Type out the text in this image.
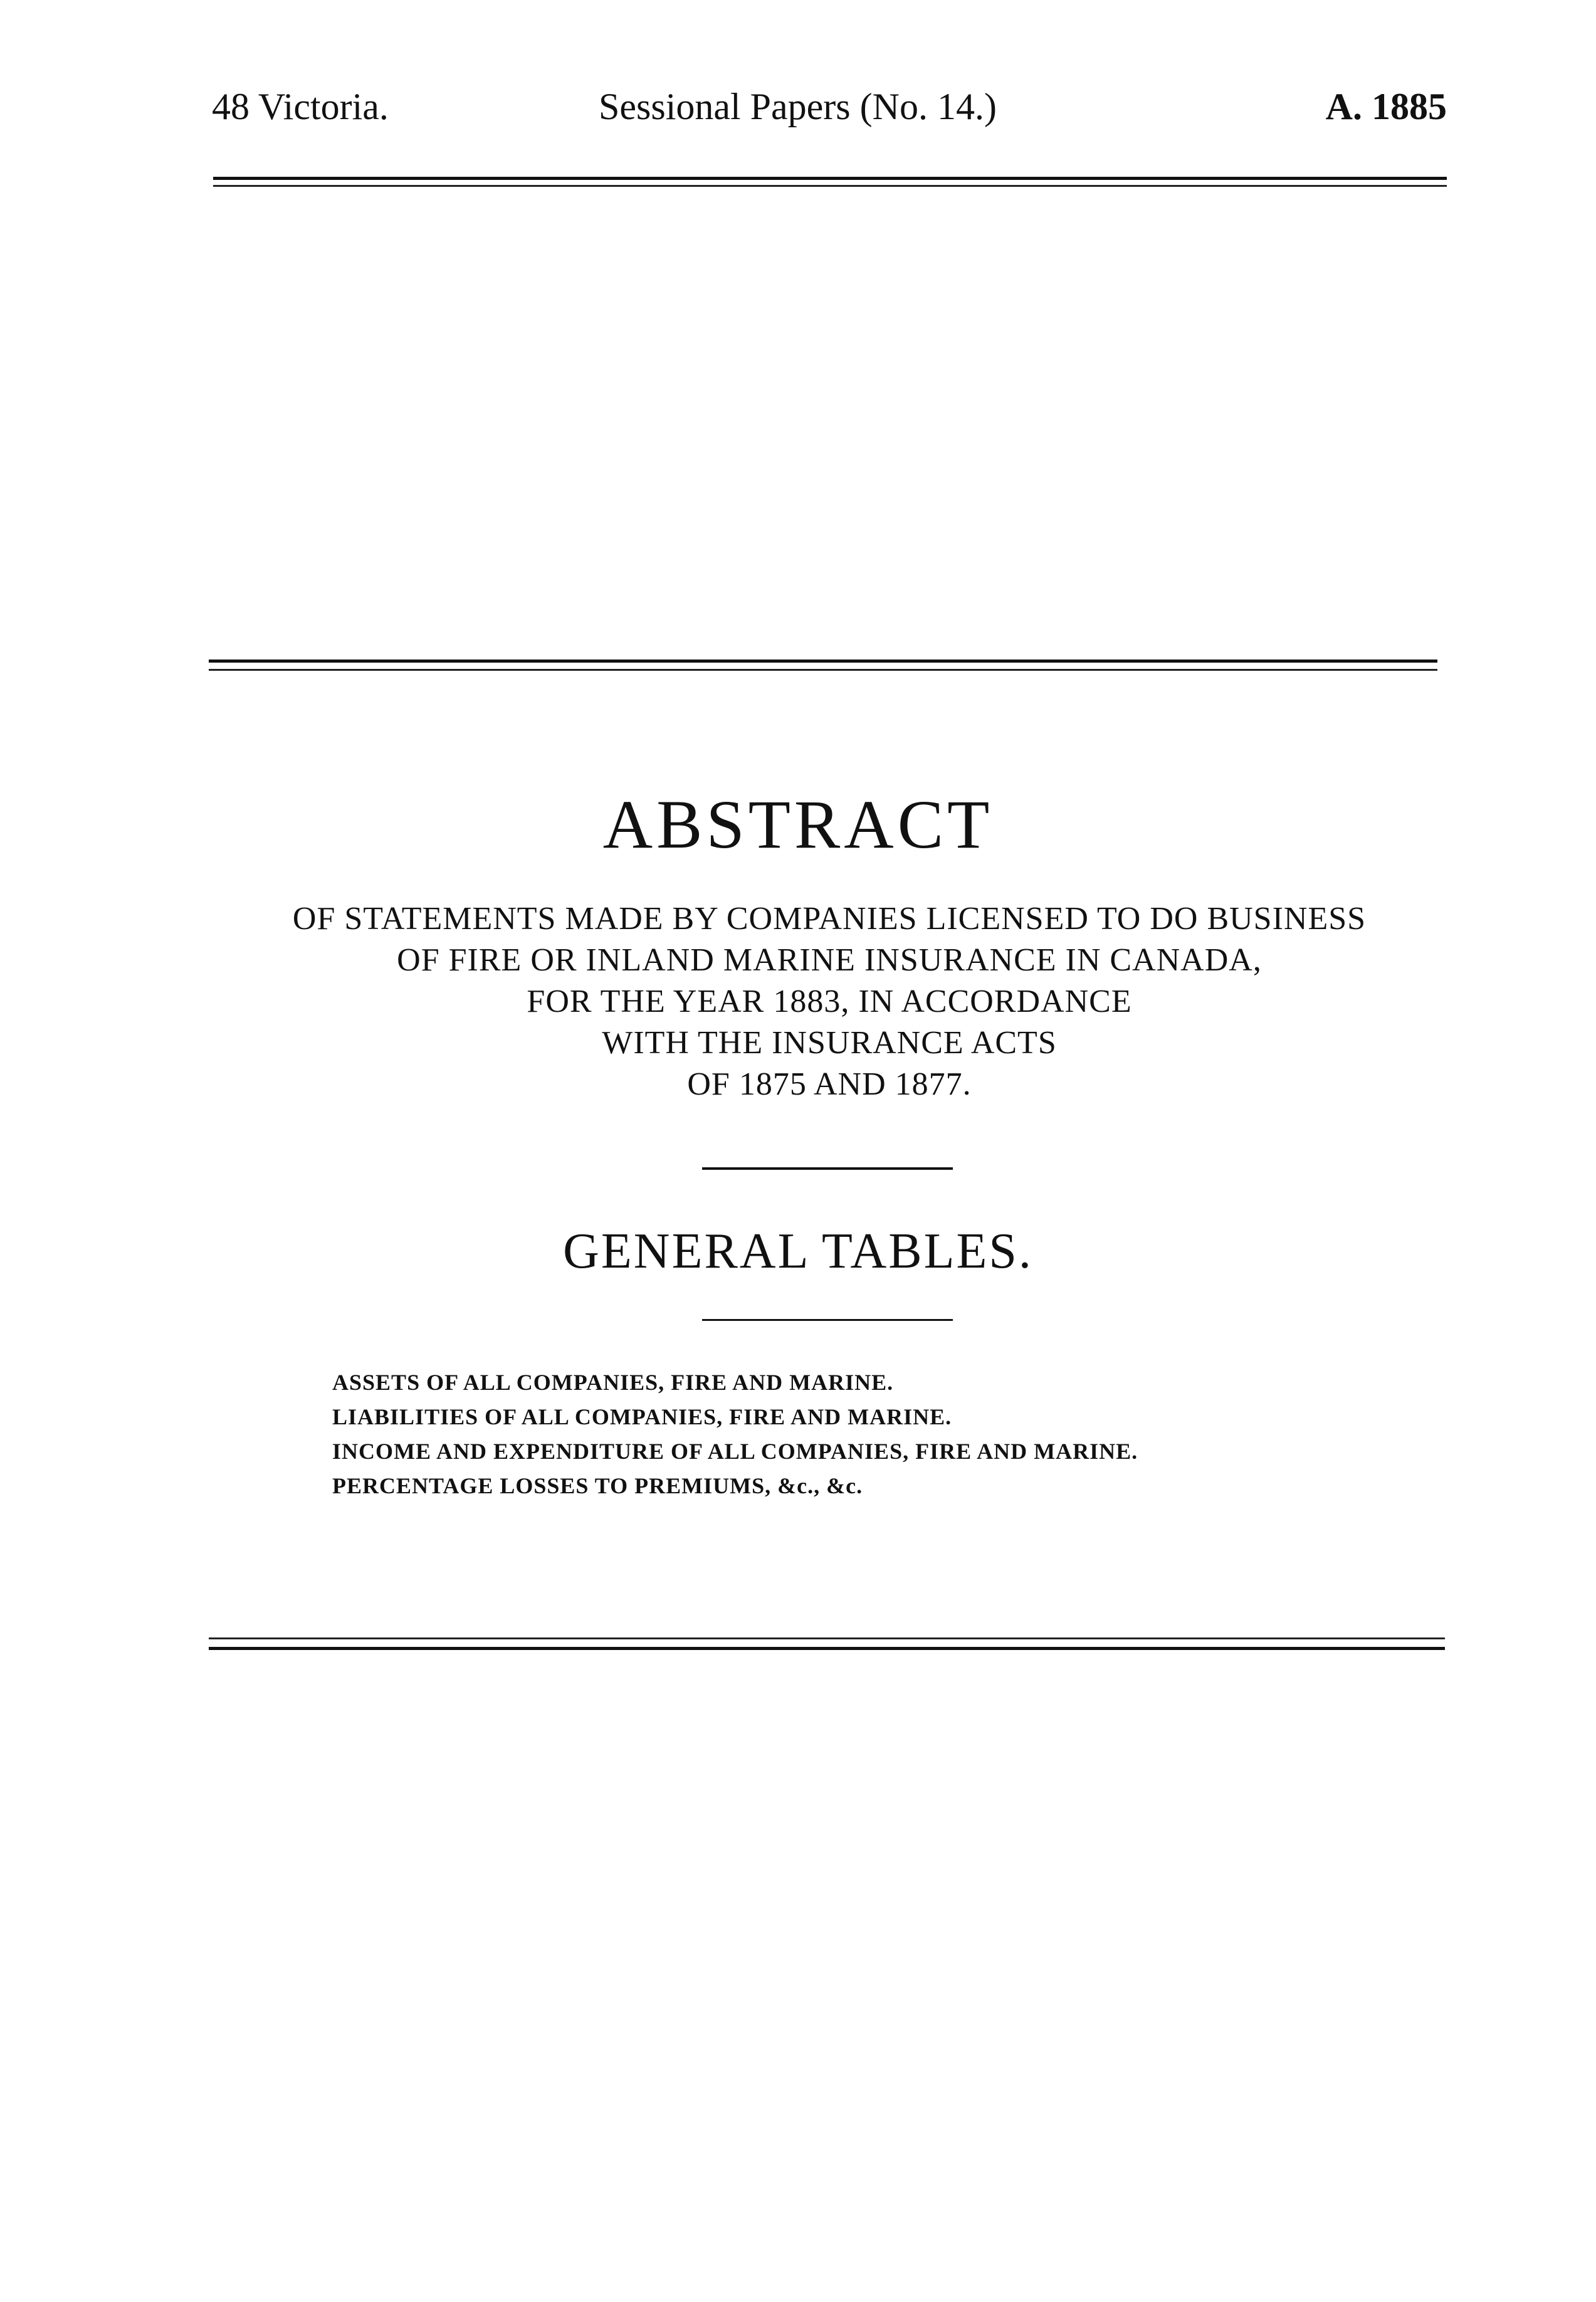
48 Victoria.	Sessional Papers (No. 14.)	A. 1885
ABSTRACT
OF STATEMENTS MADE BY COMPANIES LICENSED TO DO BUSINESS
OF FIRE OR INLAND MARINE INSURANCE IN CANADA,
FOR THE YEAR 1883, IN ACCORDANCE
WITH THE INSURANCE ACTS
OF 1875 AND 1877.
GENERAL TABLES.
ASSETS OF ALL COMPANIES, FIRE AND MARINE.
LIABILITIES OF ALL COMPANIES, FIRE AND MARINE.
INCOME AND EXPENDITURE OF ALL COMPANIES, FIRE AND MARINE.
PERCENTAGE LOSSES TO PREMIUMS, &c., &c.
